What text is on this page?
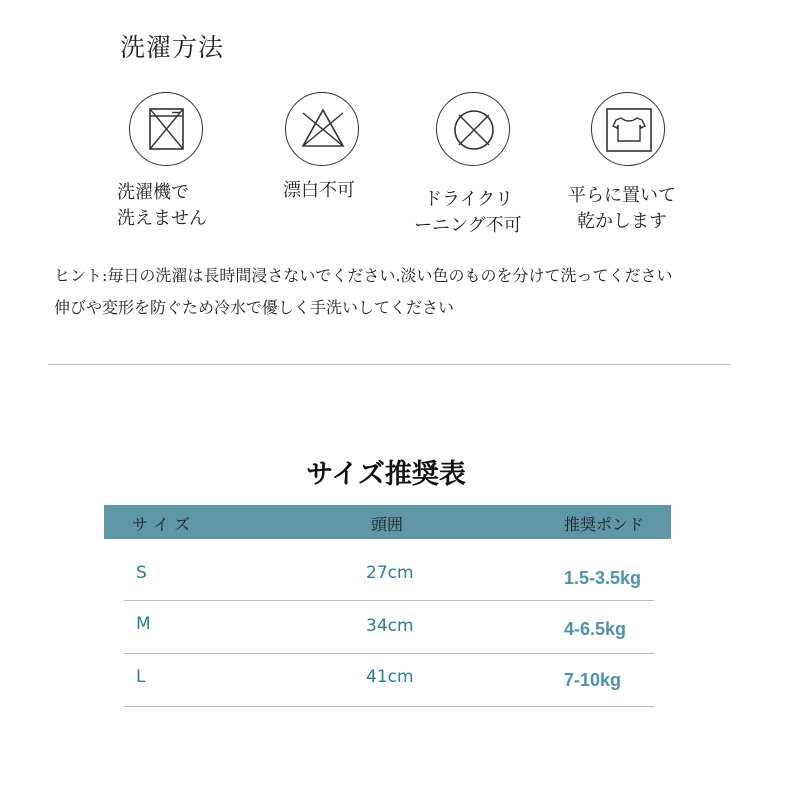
洗濯方法
洗濯機で
洗えません
漂白不可	ドライクリ
ーニング不可
平らに置いて
乾かします
ヒント:毎日の洗濯は長時間浸さないでください.淡い色のものを分けて洗ってください
伸びや変形を防ぐため冷水で優しく手洗いしてください
サイズ推奨表
サ イ ズ	頭囲	推奨ポンド
S	27cm	1.5-3.5kg
M	34cm	4-6.5kg
L	41cm	7-10kg
